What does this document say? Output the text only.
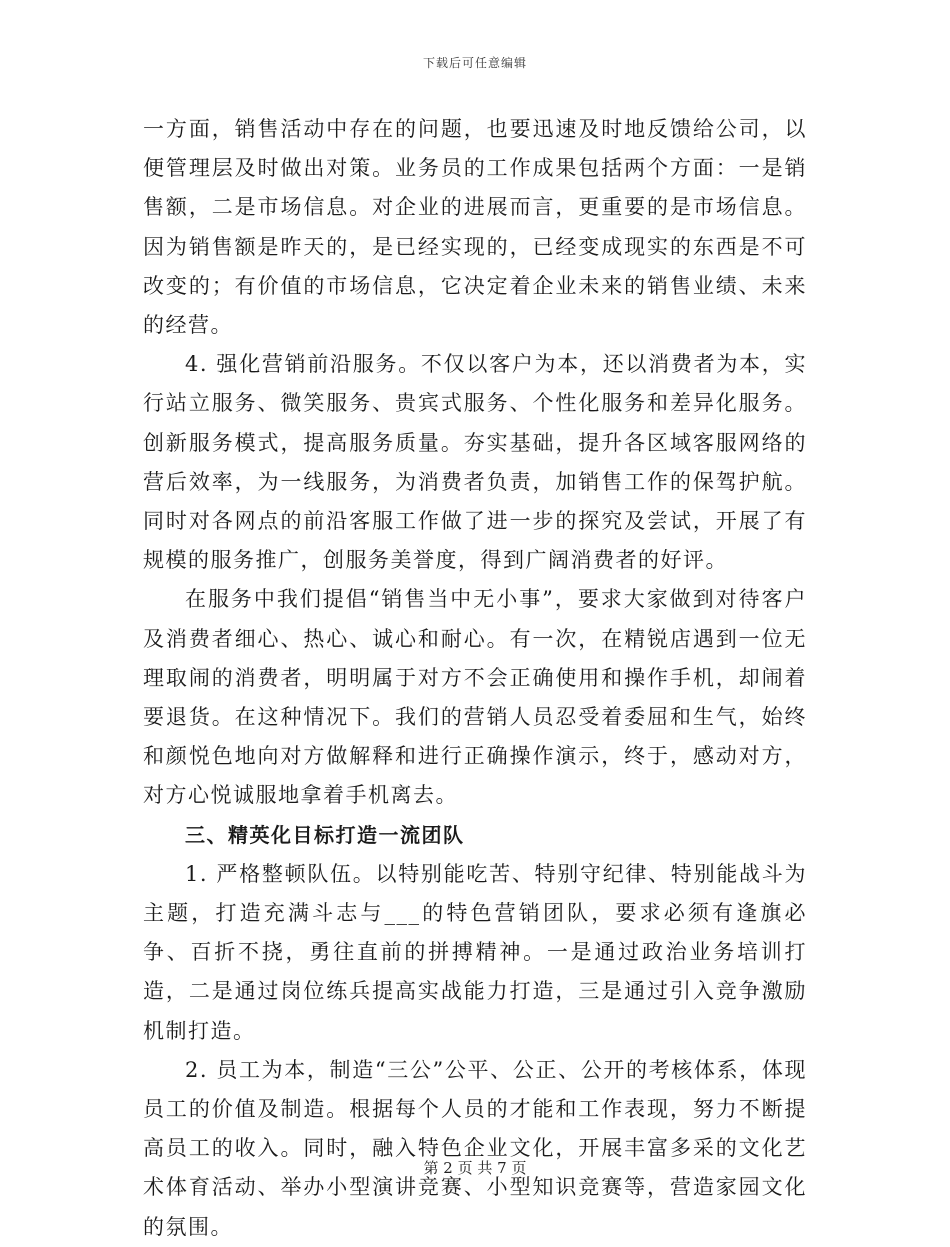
下载后可任意编辑

一方面，销售活动中存在的问题，也要迅速及时地反馈给公司，以便管理层及时做出对策。业务员的工作成果包括两个方面：一是销售额，二是市场信息。对企业的进展而言，更重要的是市场信息。因为销售额是昨天的，是已经实现的，已经变成现实的东西是不可改变的；有价值的市场信息，它决定着企业未来的销售业绩、未来的经营。

4. 强化营销前沿服务。不仅以客户为本，还以消费者为本，实行站立服务、微笑服务、贵宾式服务、个性化服务和差异化服务。创新服务模式，提高服务质量。夯实基础，提升各区域客服网络的营后效率，为一线服务，为消费者负责，加销售工作的保驾护航。同时对各网点的前沿客服工作做了进一步的探究及尝试，开展了有规模的服务推广，创服务美誉度，得到广阔消费者的好评。

在服务中我们提倡“销售当中无小事”，要求大家做到对待客户及消费者细心、热心、诚心和耐心。有一次，在精锐店遇到一位无理取闹的消费者，明明属于对方不会正确使用和操作手机，却闹着要退货。在这种情况下。我们的营销人员忍受着委屈和生气，始终和颜悦色地向对方做解释和进行正确操作演示，终于，感动对方，对方心悦诚服地拿着手机离去。

三、精英化目标打造一流团队

1. 严格整顿队伍。以特别能吃苦、特别守纪律、特别能战斗为主题，打造充满斗志与___的特色营销团队，要求必须有逢旗必争、百折不挠，勇往直前的拼搏精神。一是通过政治业务培训打造，二是通过岗位练兵提高实战能力打造，三是通过引入竞争激励机制打造。

2. 员工为本，制造“三公”公平、公正、公开的考核体系，体现员工的价值及制造。根据每个人员的才能和工作表现，努力不断提高员工的收入。同时，融入特色企业文化，开展丰富多采的文化艺术体育活动、举办小型演讲竞赛、小型知识竞赛等，营造家园文化的氛围。

第 2 页 共 7 页
